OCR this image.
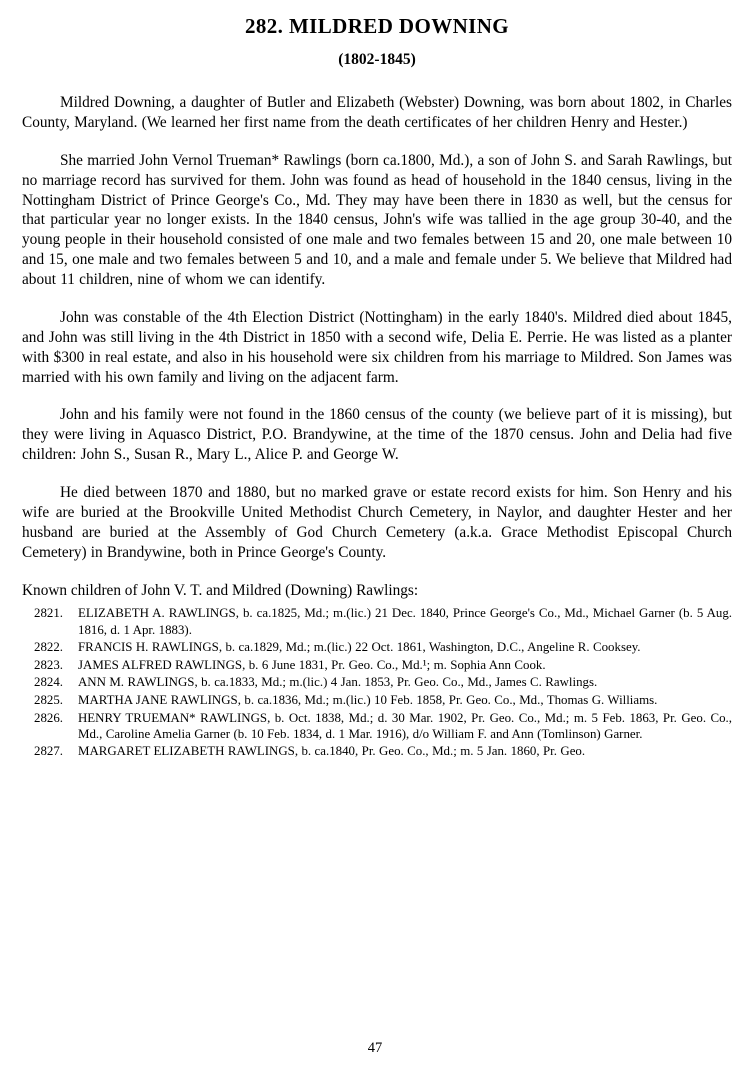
282. MILDRED DOWNING
(1802-1845)

Mildred Downing, a daughter of Butler and Elizabeth (Webster) Downing, was born about 1802, in Charles County, Maryland. (We learned her first name from the death certificates of her children Henry and Hester.)

She married John Vernol Trueman* Rawlings (born ca.1800, Md.), a son of John S. and Sarah Rawlings, but no marriage record has survived for them. John was found as head of household in the 1840 census, living in the Nottingham District of Prince George's Co., Md. They may have been there in 1830 as well, but the census for that particular year no longer exists. In the 1840 census, John's wife was tallied in the age group 30-40, and the young people in their household consisted of one male and two females between 15 and 20, one male between 10 and 15, one male and two females between 5 and 10, and a male and female under 5. We believe that Mildred had about 11 children, nine of whom we can identify.

John was constable of the 4th Election District (Nottingham) in the early 1840's. Mildred died about 1845, and John was still living in the 4th District in 1850 with a second wife, Delia E. Perrie. He was listed as a planter with $300 in real estate, and also in his household were six children from his marriage to Mildred. Son James was married with his own family and living on the adjacent farm.

John and his family were not found in the 1860 census of the county (we believe part of it is missing), but they were living in Aquasco District, P.O. Brandywine, at the time of the 1870 census. John and Delia had five children: John S., Susan R., Mary L., Alice P. and George W.

He died between 1870 and 1880, but no marked grave or estate record exists for him. Son Henry and his wife are buried at the Brookville United Methodist Church Cemetery, in Naylor, and daughter Hester and her husband are buried at the Assembly of God Church Cemetery (a.k.a. Grace Methodist Episcopal Church Cemetery) in Brandywine, both in Prince George's County.

Known children of John V. T. and Mildred (Downing) Rawlings:
2821.	ELIZABETH A. RAWLINGS, b. ca.1825, Md.; m.(lic.) 21 Dec. 1840, Prince George's Co., Md., Michael Garner (b. 5 Aug. 1816, d. 1 Apr. 1883).
2822.	FRANCIS H. RAWLINGS, b. ca.1829, Md.; m.(lic.) 22 Oct. 1861, Washington, D.C., Angeline R. Cooksey.
2823.	JAMES ALFRED RAWLINGS, b. 6 June 1831, Pr. Geo. Co., Md.¹; m. Sophia Ann Cook.
2824.	ANN M. RAWLINGS, b. ca.1833, Md.; m.(lic.) 4 Jan. 1853, Pr. Geo. Co., Md., James C. Rawlings.
2825.	MARTHA JANE RAWLINGS, b. ca.1836, Md.; m.(lic.) 10 Feb. 1858, Pr. Geo. Co., Md., Thomas G. Williams.
2826.	HENRY TRUEMAN* RAWLINGS, b. Oct. 1838, Md.; d. 30 Mar. 1902, Pr. Geo. Co., Md.; m. 5 Feb. 1863, Pr. Geo. Co., Md., Caroline Amelia Garner (b. 10 Feb. 1834, d. 1 Mar. 1916), d/o William F. and Ann (Tomlinson) Garner.
2827.	MARGARET ELIZABETH RAWLINGS, b. ca.1840, Pr. Geo. Co., Md.; m. 5 Jan. 1860, Pr. Geo.
47
